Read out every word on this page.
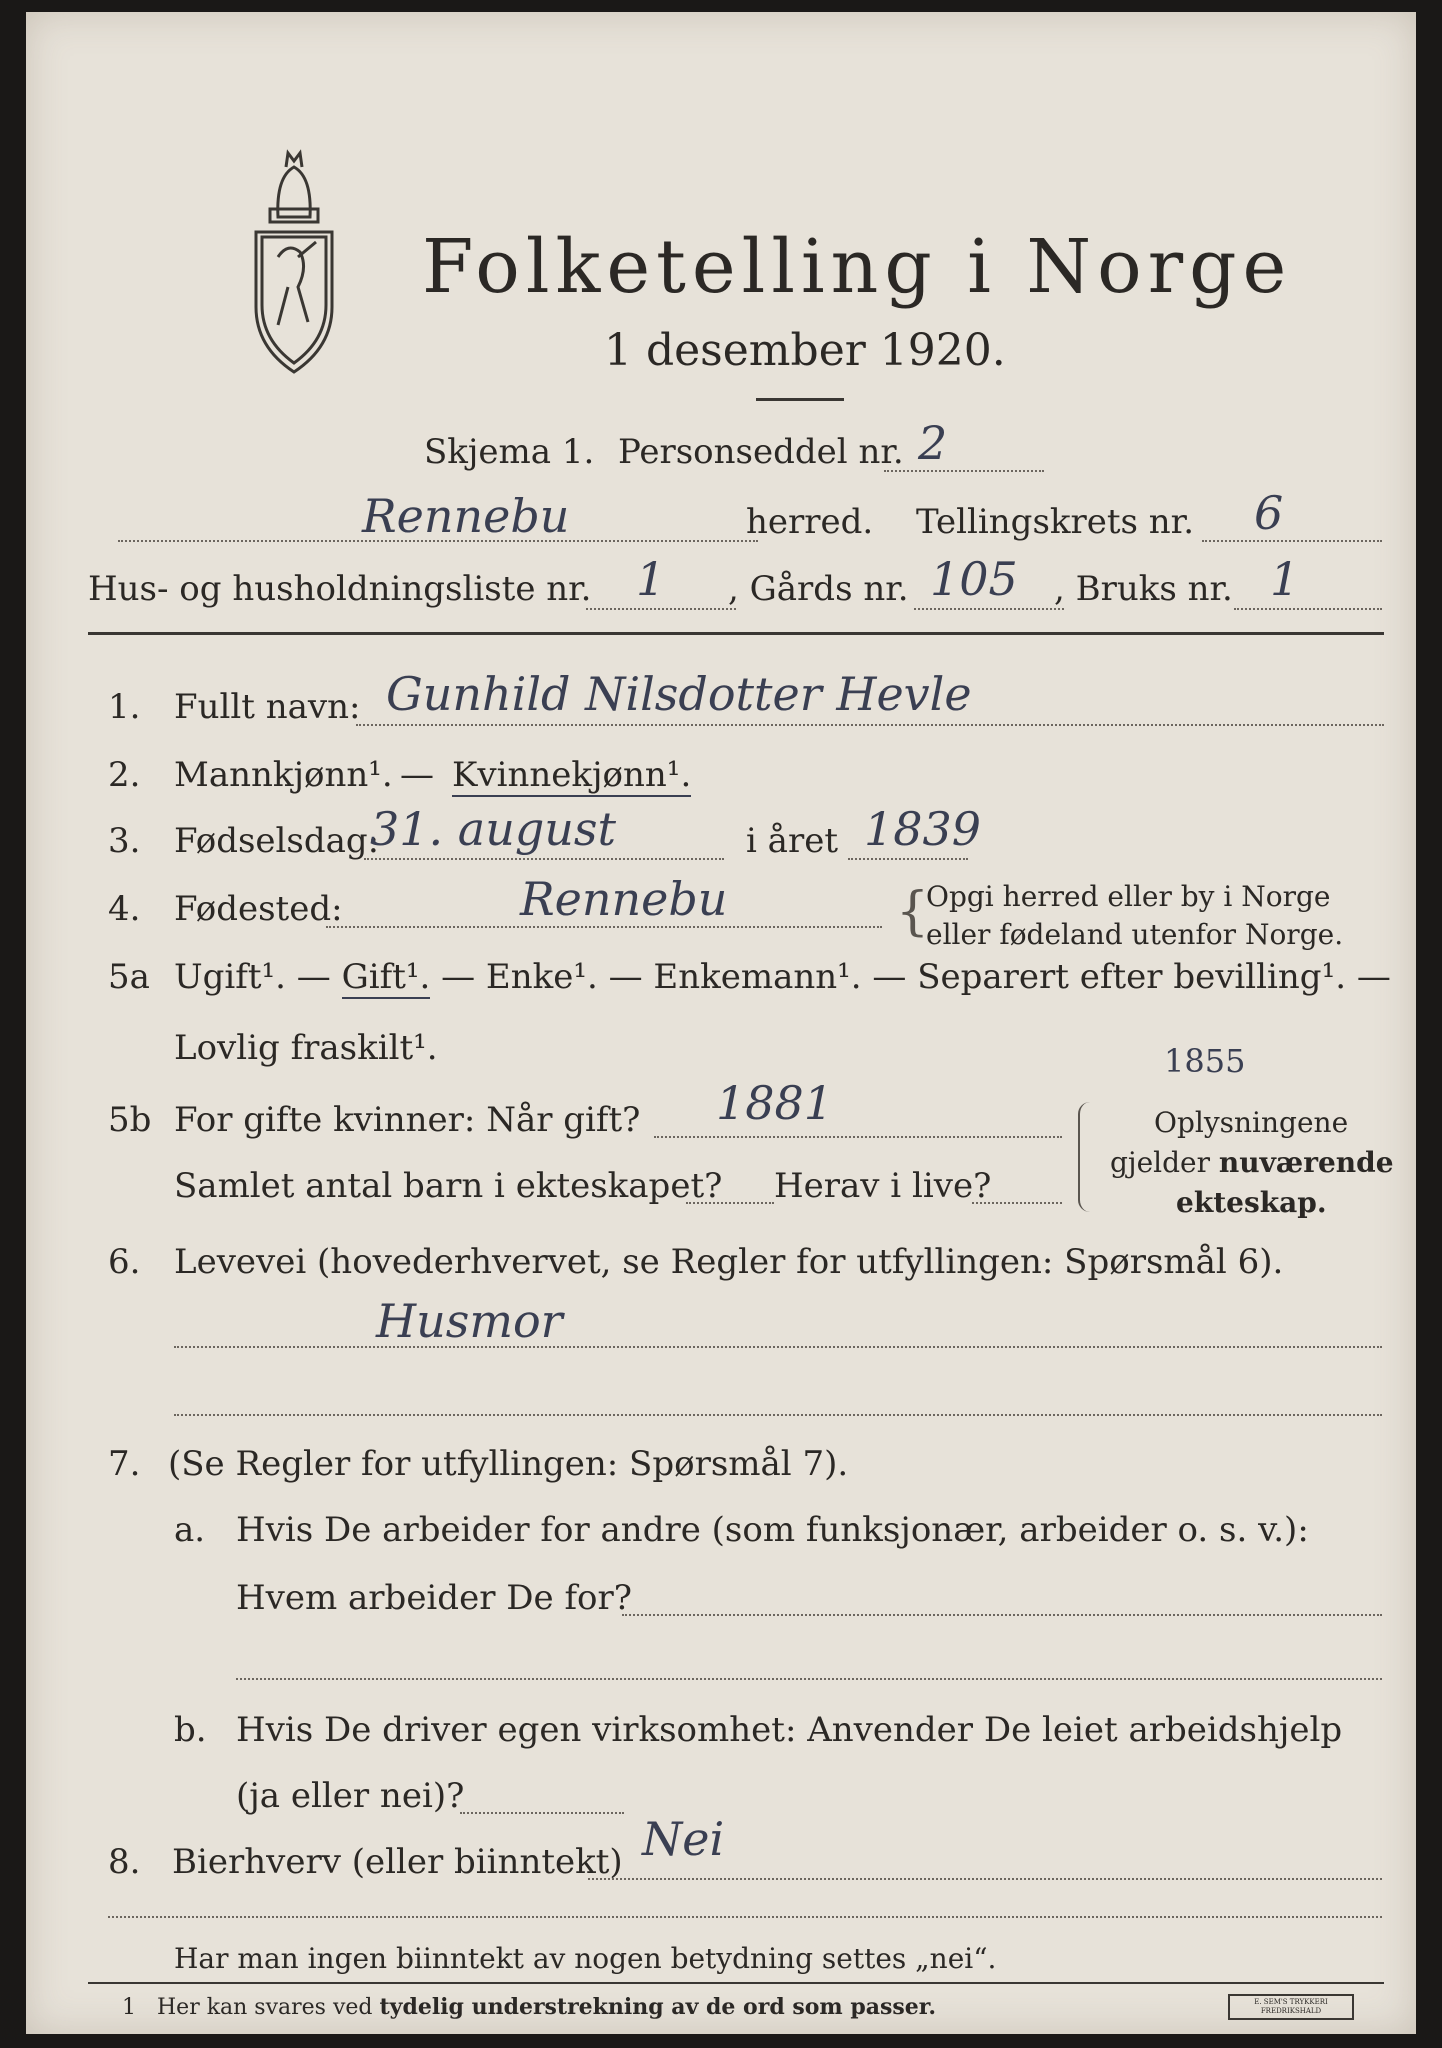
Folketelling i Norge
1 desember 1920.
Skjema 1. Personseddel nr. 2
Rennebu	herred. Tellingskrets nr. 6
Hus- og husholdningsliste nr. 1 , Gårds nr. 105 , Bruks nr. 1
1. Fullt navn: Gunhild Nilsdotter Hevle
2. Mannkjønn¹. — Kvinnekjønn¹.
3. Fødselsdag:
31. august	i året 1839
4. Fødested:	Rennebu	{
Opgi herred eller by i Norge
eller fødeland utenfor Norge.
5a Ugift¹. — Gift¹. — Enke¹. — Enkemann¹. — Separert efter bevilling¹. —
Lovlig fraskilt¹.	1855
5b For gifte kvinner: Når gift? 1881
Samlet antal barn i ekteskapet? Herav i live?
Oplysningene
gjelder nuværende
ekteskap.
6. Levevei (hovederhvervet, se Regler for utfyllingen: Spørsmål 6).
Husmor
7. (Se Regler for utfyllingen: Spørsmål 7).
a. Hvis De arbeider for andre (som funksjonær, arbeider o. s. v.):
Hvem arbeider De for?
b. Hvis De driver egen virksomhet: Anvender De leiet arbeidshjelp
(ja eller nei)?
8. Bierhverv (eller biinntekt) Nei
Har man ingen biinntekt av nogen betydning settes „nei“.
1 Her kan svares ved tydelig understrekning av de ord som passer.	E. SEM'S TRYKKERI FREDRIKSHALD
